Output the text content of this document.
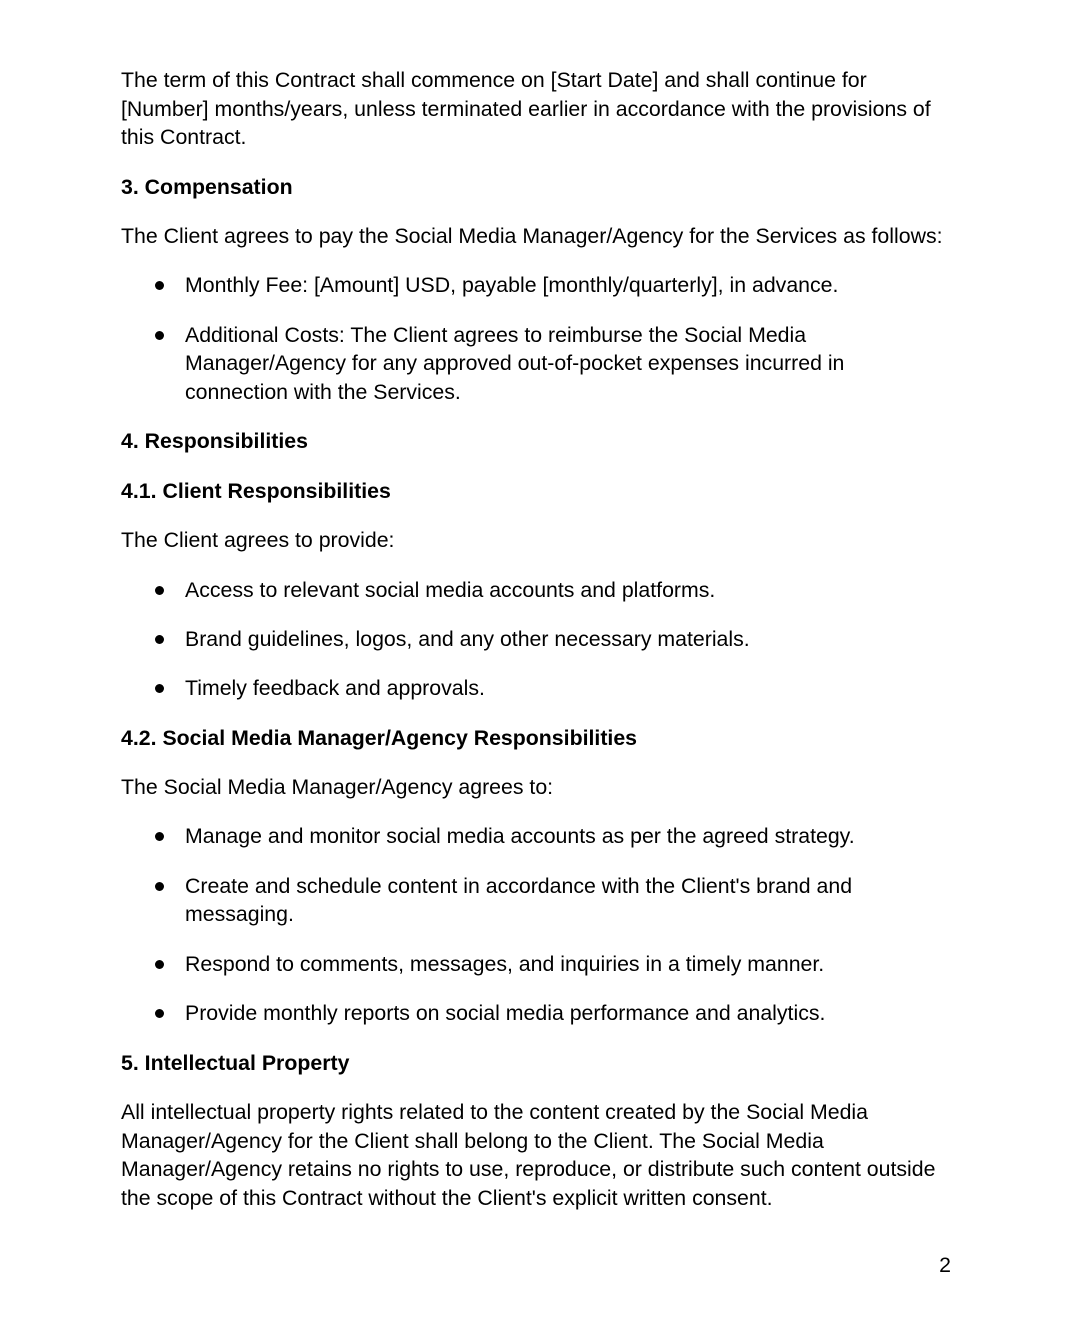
The term of this Contract shall commence on [Start Date] and shall continue for [Number] months/years, unless terminated earlier in accordance with the provisions of this Contract.

3. Compensation

The Client agrees to pay the Social Media Manager/Agency for the Services as follows:

Monthly Fee: [Amount] USD, payable [monthly/quarterly], in advance.
Additional Costs: The Client agrees to reimburse the Social Media Manager/Agency for any approved out-of-pocket expenses incurred in connection with the Services.
4. Responsibilities
4.1. Client Responsibilities

The Client agrees to provide:

Access to relevant social media accounts and platforms.
Brand guidelines, logos, and any other necessary materials.
Timely feedback and approvals.
4.2. Social Media Manager/Agency Responsibilities

The Social Media Manager/Agency agrees to:

Manage and monitor social media accounts as per the agreed strategy.
Create and schedule content in accordance with the Client's brand and messaging.
Respond to comments, messages, and inquiries in a timely manner.
Provide monthly reports on social media performance and analytics.
5. Intellectual Property

All intellectual property rights related to the content created by the Social Media Manager/Agency for the Client shall belong to the Client. The Social Media Manager/Agency retains no rights to use, reproduce, or distribute such content outside the scope of this Contract without the Client's explicit written consent.

2
